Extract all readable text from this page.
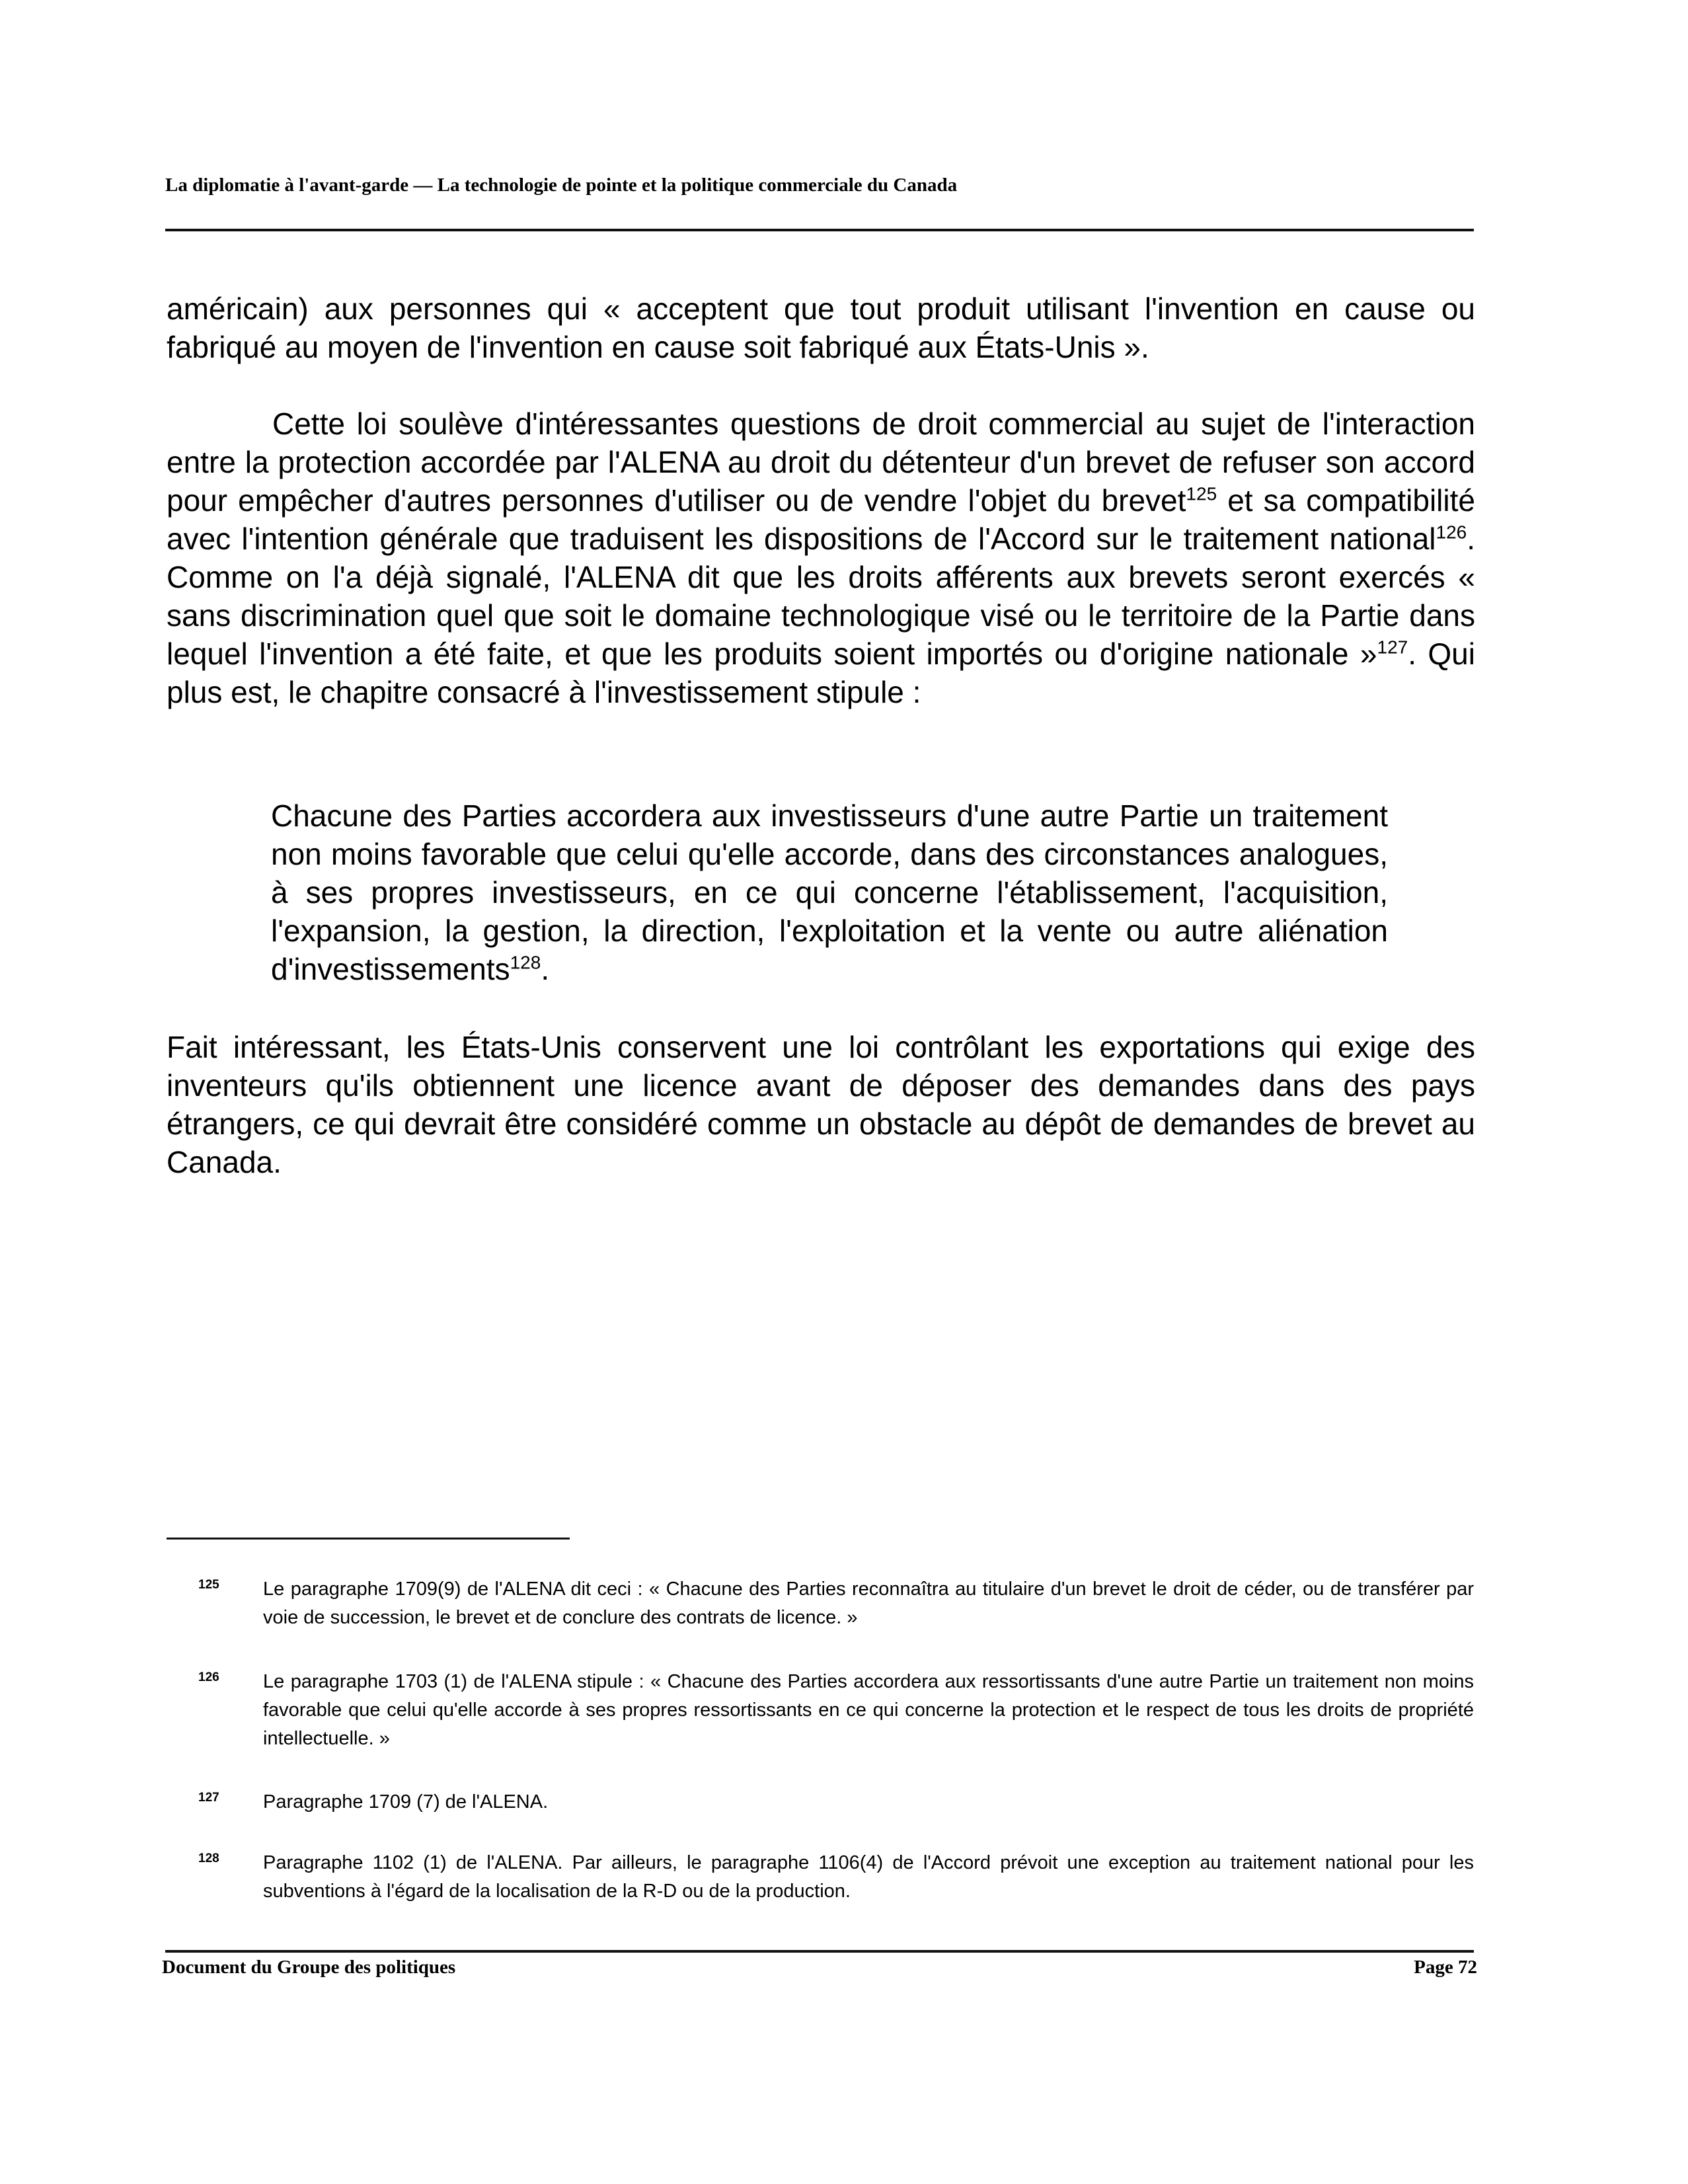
La diplomatie à l'avant-garde — La technologie de pointe et la politique commerciale du Canada

américain) aux personnes qui « acceptent que tout produit utilisant l'invention en cause ou fabriqué au moyen de l'invention en cause soit fabriqué aux États-Unis ».

Cette loi soulève d'intéressantes questions de droit commercial au sujet de l'interaction entre la protection accordée par l'ALENA au droit du détenteur d'un brevet de refuser son accord pour empêcher d'autres personnes d'utiliser ou de vendre l'objet du brevet$^{125}$ et sa compatibilité avec l'intention générale que traduisent les dispositions de l'Accord sur le traitement national$^{126}$. Comme on l'a déjà signalé, l'ALENA dit que les droits afférents aux brevets seront exercés « sans discrimination quel que soit le domaine technologique visé ou le territoire de la Partie dans lequel l'invention a été faite, et que les produits soient importés ou d'origine nationale »$^{127}$. Qui plus est, le chapitre consacré à l'investissement stipule :

Chacune des Parties accordera aux investisseurs d'une autre Partie un traitement non moins favorable que celui qu'elle accorde, dans des circonstances analogues, à ses propres investisseurs, en ce qui concerne l'établissement, l'acquisition, l'expansion, la gestion, la direction, l'exploitation et la vente ou autre aliénation d'investissements$^{128}$.

Fait intéressant, les États-Unis conservent une loi contrôlant les exportations qui exige des inventeurs qu'ils obtiennent une licence avant de déposer des demandes dans des pays étrangers, ce qui devrait être considéré comme un obstacle au dépôt de demandes de brevet au Canada.

125 Le paragraphe 1709(9) de l'ALENA dit ceci : « Chacune des Parties reconnaîtra au titulaire d'un brevet le droit de céder, ou de transférer par voie de succession, le brevet et de conclure des contrats de licence. »
126 Le paragraphe 1703 (1) de l'ALENA stipule : « Chacune des Parties accordera aux ressortissants d'une autre Partie un traitement non moins favorable que celui qu'elle accorde à ses propres ressortissants en ce qui concerne la protection et le respect de tous les droits de propriété intellectuelle. »
127 Paragraphe 1709 (7) de l'ALENA.
128 Paragraphe 1102 (1) de l'ALENA. Par ailleurs, le paragraphe 1106(4) de l'Accord prévoit une exception au traitement national pour les subventions à l'égard de la localisation de la R-D ou de la production.
Document du Groupe des politiques	Page 72
